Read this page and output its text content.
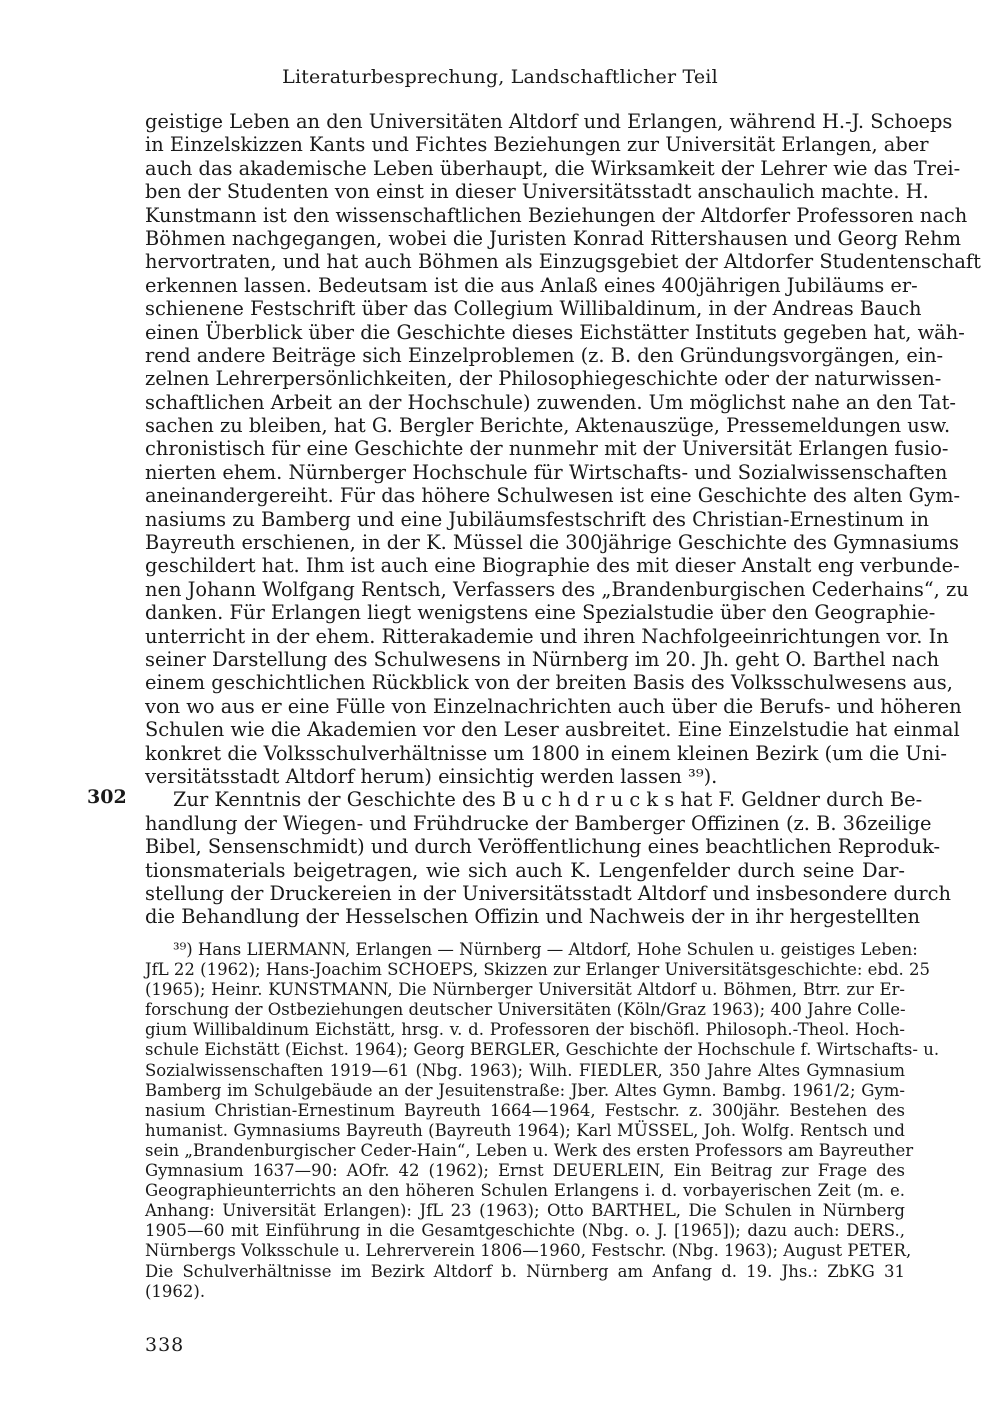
Literaturbesprechung, Landschaftlicher Teil
302
geistige Leben an den Universitäten Altdorf und Erlangen, während H.-J. Schoeps
in Einzelskizzen Kants und Fichtes Beziehungen zur Universität Erlangen, aber
auch das akademische Leben überhaupt, die Wirksamkeit der Lehrer wie das Trei-
ben der Studenten von einst in dieser Universitätsstadt anschaulich machte. H.
Kunstmann ist den wissenschaftlichen Beziehungen der Altdorfer Professoren nach
Böhmen nachgegangen, wobei die Juristen Konrad Rittershausen und Georg Rehm
hervortraten, und hat auch Böhmen als Einzugsgebiet der Altdorfer Studentenschaft
erkennen lassen. Bedeutsam ist die aus Anlaß eines 400jährigen Jubiläums er-
schienene Festschrift über das Collegium Willibaldinum, in der Andreas Bauch
einen Überblick über die Geschichte dieses Eichstätter Instituts gegeben hat, wäh-
rend andere Beiträge sich Einzelproblemen (z. B. den Gründungsvorgängen, ein-
zelnen Lehrerpersönlichkeiten, der Philosophiegeschichte oder der naturwissen-
schaftlichen Arbeit an der Hochschule) zuwenden. Um möglichst nahe an den Tat-
sachen zu bleiben, hat G. Bergler Berichte, Aktenauszüge, Pressemeldungen usw.
chronistisch für eine Geschichte der nunmehr mit der Universität Erlangen fusio-
nierten ehem. Nürnberger Hochschule für Wirtschafts- und Sozialwissenschaften
aneinandergereiht. Für das höhere Schulwesen ist eine Geschichte des alten Gym-
nasiums zu Bamberg und eine Jubiläumsfestschrift des Christian-Ernestinum in
Bayreuth erschienen, in der K. Müssel die 300jährige Geschichte des Gymnasiums
geschildert hat. Ihm ist auch eine Biographie des mit dieser Anstalt eng verbunde-
nen Johann Wolfgang Rentsch, Verfassers des „Brandenburgischen Cederhains“, zu
danken. Für Erlangen liegt wenigstens eine Spezialstudie über den Geographie-
unterricht in der ehem. Ritterakademie und ihren Nachfolgeeinrichtungen vor. In
seiner Darstellung des Schulwesens in Nürnberg im 20. Jh. geht O. Barthel nach
einem geschichtlichen Rückblick von der breiten Basis des Volksschulwesens aus,
von wo aus er eine Fülle von Einzelnachrichten auch über die Berufs- und höheren
Schulen wie die Akademien vor den Leser ausbreitet. Eine Einzelstudie hat einmal
konkret die Volksschulverhältnisse um 1800 in einem kleinen Bezirk (um die Uni-
versitätsstadt Altdorf herum) einsichtig werden lassen ³⁹).
Zur Kenntnis der Geschichte des B u c h d r u c k s hat F. Geldner durch Be-
handlung der Wiegen- und Frühdrucke der Bamberger Offizinen (z. B. 36zeilige
Bibel, Sensenschmidt) und durch Veröffentlichung eines beachtlichen Reproduk-
tionsmaterials beigetragen, wie sich auch K. Lengenfelder durch seine Dar-
stellung der Druckereien in der Universitätsstadt Altdorf und insbesondere durch
die Behandlung der Hesselschen Offizin und Nachweis der in ihr hergestellten
³⁹) Hans LIERMANN, Erlangen — Nürnberg — Altdorf, Hohe Schulen u. geistiges Leben:
JfL 22 (1962); Hans-Joachim SCHOEPS, Skizzen zur Erlanger Universitätsgeschichte: ebd. 25
(1965); Heinr. KUNSTMANN, Die Nürnberger Universität Altdorf u. Böhmen, Btrr. zur Er-
forschung der Ostbeziehungen deutscher Universitäten (Köln/Graz 1963); 400 Jahre Colle-
gium Willibaldinum Eichstätt, hrsg. v. d. Professoren der bischöfl. Philosoph.-Theol. Hoch-
schule Eichstätt (Eichst. 1964); Georg BERGLER, Geschichte der Hochschule f. Wirtschafts- u.
Sozialwissenschaften 1919—61 (Nbg. 1963); Wilh. FIEDLER, 350 Jahre Altes Gymnasium
Bamberg im Schulgebäude an der Jesuitenstraße: Jber. Altes Gymn. Bambg. 1961/2; Gym-
nasium Christian-Ernestinum Bayreuth 1664—1964, Festschr. z. 300jähr. Bestehen des
humanist. Gymnasiums Bayreuth (Bayreuth 1964); Karl MÜSSEL, Joh. Wolfg. Rentsch und
sein „Brandenburgischer Ceder-Hain“, Leben u. Werk des ersten Professors am Bayreuther
Gymnasium 1637—90: AOfr. 42 (1962); Ernst DEUERLEIN, Ein Beitrag zur Frage des
Geographieunterrichts an den höheren Schulen Erlangens i. d. vorbayerischen Zeit (m. e.
Anhang: Universität Erlangen): JfL 23 (1963); Otto BARTHEL, Die Schulen in Nürnberg
1905—60 mit Einführung in die Gesamtgeschichte (Nbg. o. J. [1965]); dazu auch: DERS.,
Nürnbergs Volksschule u. Lehrerverein 1806—1960, Festschr. (Nbg. 1963); August PETER,
Die Schulverhältnisse im Bezirk Altdorf b. Nürnberg am Anfang d. 19. Jhs.: ZbKG 31
(1962).
338
